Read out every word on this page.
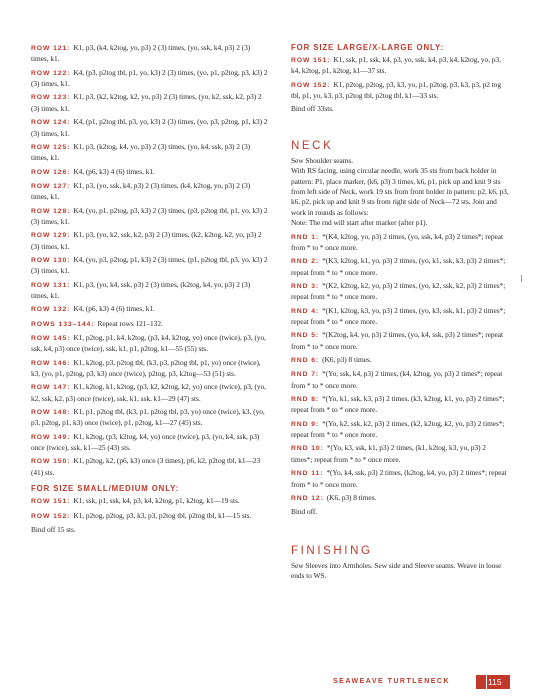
ROW 121: K1, p3, (k4, k2tog, yo, p3) 2 (3) times, (yo, ssk, k4, p3) 2 (3) times, k1.
ROW 122: K4, (p3, p2tog tbl, p1, yo, k3) 2 (3) times, (yo, p1, p2tog, p3, k3) 2 (3) times, k1.
ROW 123: K1, p3, (k2, k2tog, k2, yo, p3) 2 (3) times, (yo, k2, ssk, k2, p3) 2 (3) times, k1.
ROW 124: K4, (p1, p2tog tbl, p3, yo, k3) 2 (3) times, (yo, p3, p2tog, p1, k3) 2 (3) times, k1.
ROW 125: K1, p3, (k2tog, k4, yo, p3) 2 (3) times, (yo, k4, ssk, p3) 2 (3) times, k1.
ROW 126: K4, (p6, k3) 4 (6) times, k1.
ROW 127: K1, p3, (yo, ssk, k4, p3) 2 (3) times, (k4, k2tog, yo, p3) 2 (3) times, k1.
ROW 128: K4, (yo, p1, p2tog, p3, k3) 2 (3) times, (p3, p2tog tbl, p1, yo, k3) 2 (3) times, k1.
ROW 129: K1, p3, (yo, k2, ssk, k2, p3) 2 (3) times, (k2, k2tog, k2, yo, p3) 2 (3) times, k1.
ROW 130: K4, (yo, p3, p2tog, p1, k3) 2 (3) times, (p1, p2tog tbl, p3, yo, k3) 2 (3) times, k1.
ROW 131: K1, p3, (yo, k4, ssk, p3) 2 (3) times, (k2tog, k4, yo, p3) 2 (3) times, k1.
ROW 132: K4, (p6, k3) 4 (6) times, k1.
ROWS 133–144: Repeat rows 121–132.
ROW 145: K1, p2tog, p1, k4, k2tog, (p3, k4, k2tog, yo) once (twice), p3, (yo, ssk, k4, p3) once (twice), ssk, k1, p1, p2tog, k1—55 (55) sts.
ROW 146: K1, k2tog, p3, p2tog tbl, (k3, p3, p2tog tbl, p1, yo) once (twice), k3, (yo, p1, p2tog, p3, k3) once (twice), p2tog, p3, k2tog—53 (51) sts.
ROW 147: K1, k2tog, k1, k2tog, (p3, k2, k2tog, k2, yo) once (twice), p3, (yo, k2, ssk, k2, p3) once (twice), ssk, k1, ssk, k1—29 (47) sts.
ROW 148: K1, p1, p2tog tbl, (k3, p1, p2tog tbl, p3, yo) once (twice), k3, (yo, p3, p2tog, p1, k3) once (twice), p1, p2tog, k1—27 (45) sts.
ROW 149: K1, k2tog, (p3, k2tog, k4, yo) once (twice), p3, (yo, k4, ssk, p3) once (twice), ssk, k1—25 (43) sts.
ROW 150: K1, p2tog, k2, (p6, k3) once (3 times), p6, k2, p2tog tbl, k1—23 (41) sts.
FOR SIZE SMALL/MEDIUM ONLY:
ROW 151: K1, ssk, p1, ssk, k4, p3, k4, k2tog, p1, k2tog, k1—19 sts.
ROW 152: K1, p2tog, p2tog, p3, k3, p3, p2tog tbl, p2tog tbl, k1—15 sts.
Bind off 15 sts.
FOR SIZE LARGE/X-LARGE ONLY:
ROW 151: K1, ssk, p1, ssk, k4, p3, yo, ssk, k4, p3, k4, k2tog, yo, p3, k4, k2tog, p1, k2tog, k1—37 sts.
ROW 152: K1, p2tog, p2tog, p3, k3, yo, p1, p2tog, p3, k3, p3, p2 tog tbl, p1, yo, k3, p3, p2tog tbl, p2tog tbl, k1—33 sts.
Bind off 33sts.
NECK
Sew Shoulder seams.
With RS facing, using circular needle, work 35 sts from back holder in pattern: P1, place marker, (k6, p3) 3 times, k6, p1, pick up and knit 9 sts from left side of Neck, work 19 sts from front holder in pattern: p2, k6, p3, k6, p2, pick up and knit 9 sts from right side of Neck—72 sts. Join and work in rounds as follows:
Note: The rnd will start after marker (after p1).
RND 1: *(K4, k2tog, yo, p3) 2 times, (yo, ssk, k4, p3) 2 times*; repeat from * to * once more.
RND 2: *(K3, k2tog, k1, yo, p3) 2 times, (yo, k1, ssk, k3, p3) 2 times*; repeat from * to * once more.
RND 3: *(K2, k2tog, k2, yo, p3) 2 times, (yo, k2, ssk, k2, p3) 2 times*; repeat from * to * once more.
RND 4: *(K1, k2tog, k3, yo, p3) 2 times, (yo, k3, ssk, k1, p3) 2 times*; repeat from * to * once more.
RND 5: *(K2tog, k4, yo, p3) 2 times, (yo, k4, ssk, p3) 2 times*; repeat from * to * once more.
RND 6: (K6, p3) 8 times.
RND 7: *(Yo, ssk, k4, p3) 2 times, (k4, k2tog, yo, p3) 2 times*; repeat from * to * once more.
RND 8: *(Yo, k1, ssk, k3, p3) 2 times, (k3, k2tog, k1, yo, p3) 2 times*; repeat from * to * once more.
RND 9: *(Yo, k2, ssk, k2, p3) 2 times, (k2, k2tog, k2, yo, p3) 2 times*; repeat from * to * once more.
RND 10: *(Yo, k3, ssk, k1, p3) 2 times, (k1, k2tog, k3, yo, p3) 2 times*; repeat from * to * once more.
RND 11: *(Yo, k4, ssk, p3) 2 times, (k2tog, k4, yo, p3) 2 times*; repeat from * to * once more.
RND 12: (K6, p3) 8 times.
Bind off.
FINISHING
Sew Sleeves into Armholes. Sew side and Sleeve seams. Weave in loose ends to WS.
SEAWEAVE TURTLENECK	115
